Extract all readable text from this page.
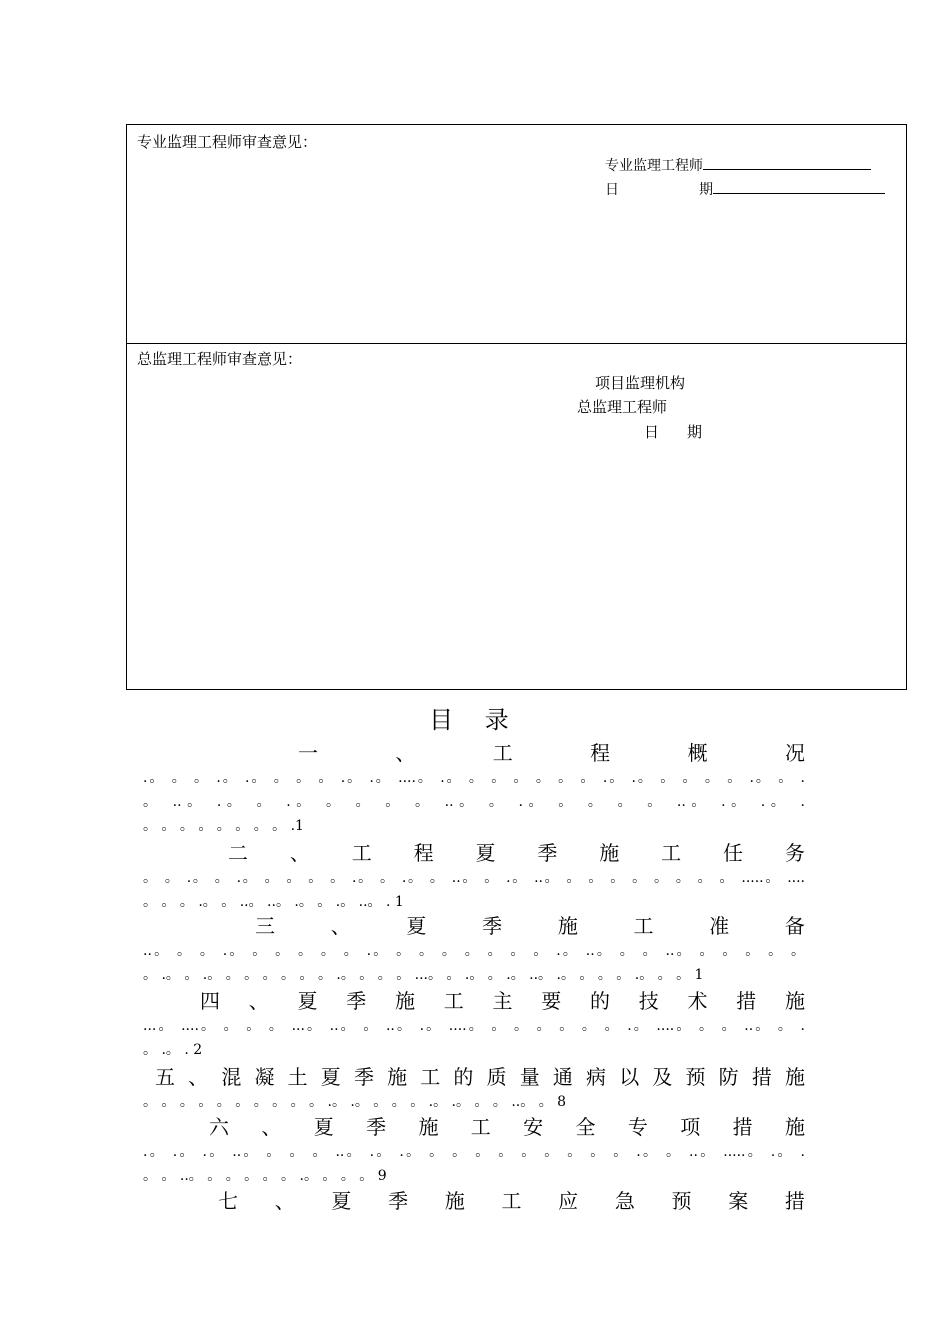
专业监理工程师审查意见：
专业监理工程师
日	期
总监理工程师审查意见：
项目监理机构
总监理工程师
日 期
目 录
一	、	工	程	概	况
.。 。 。 .。 .。 。 。 。 .。 .。 ....。 .。 。 。 。 。 。 。 .。 .。 。 。 。 。 .。 。 .
。 ..。 .。 。 .。 。 。 。 。 ..。 。 .。 。 。 。 。 ..。 .。 .。 .
。 。 。 。 。 。 。 。 .1
二 、 工 程 夏 季 施 工 任 务
。 。 .。 。 .。 。 。 。 。 .。 。 .。 。 ..。 。 .。 ..。 。 。 。 。 。 。 。 。 .....。 ....
。 。 。 .。 。 ..。 ..。 .。 。 .。 ..。 . 1
三	、	夏	季	施	工	准	备
..。 。 。 .。 。 。 。 。 。 .。 。 。 。 。 。 。 。 .。 ..。 。 。 ..。 。 。 。 。 。
。 .。 。 .。 。 。 。 。 。 。 .。 。 。 。 ...。 。 .。 。 .。 ..。 .。 。 。 。 .。 。 。 1
四 、 夏 季 施 工 主 要 的 技 术 措 施
...。 ....。 。 。 。 ...。 ..。 。 ..。 .。 ....。 。 。 。 。 。 。 .。 ....。 。 。 ..。 。 .
。 .。 . 2
五 、 混 凝 土 夏 季 施 工 的 质 量 通 病 以 及 预 防 措 施
。 。 。 。 。 。 。 。 。 。 .。 .。 。 。 。 .。 .。 。 。 ..。 。 8
六 、 夏 季 施 工 安 全 专 项 措 施
.。 .。 .。 ..。 。 。 。 ..。 .。 .。 。 。 。 。 。 。 。 。 。 .。 。 ..。 .....。 .。 .
。 。 ..。 。 。 。 。 。 .。 。 。 。 9
七 、 夏 季 施 工 应 急 预 案 措
